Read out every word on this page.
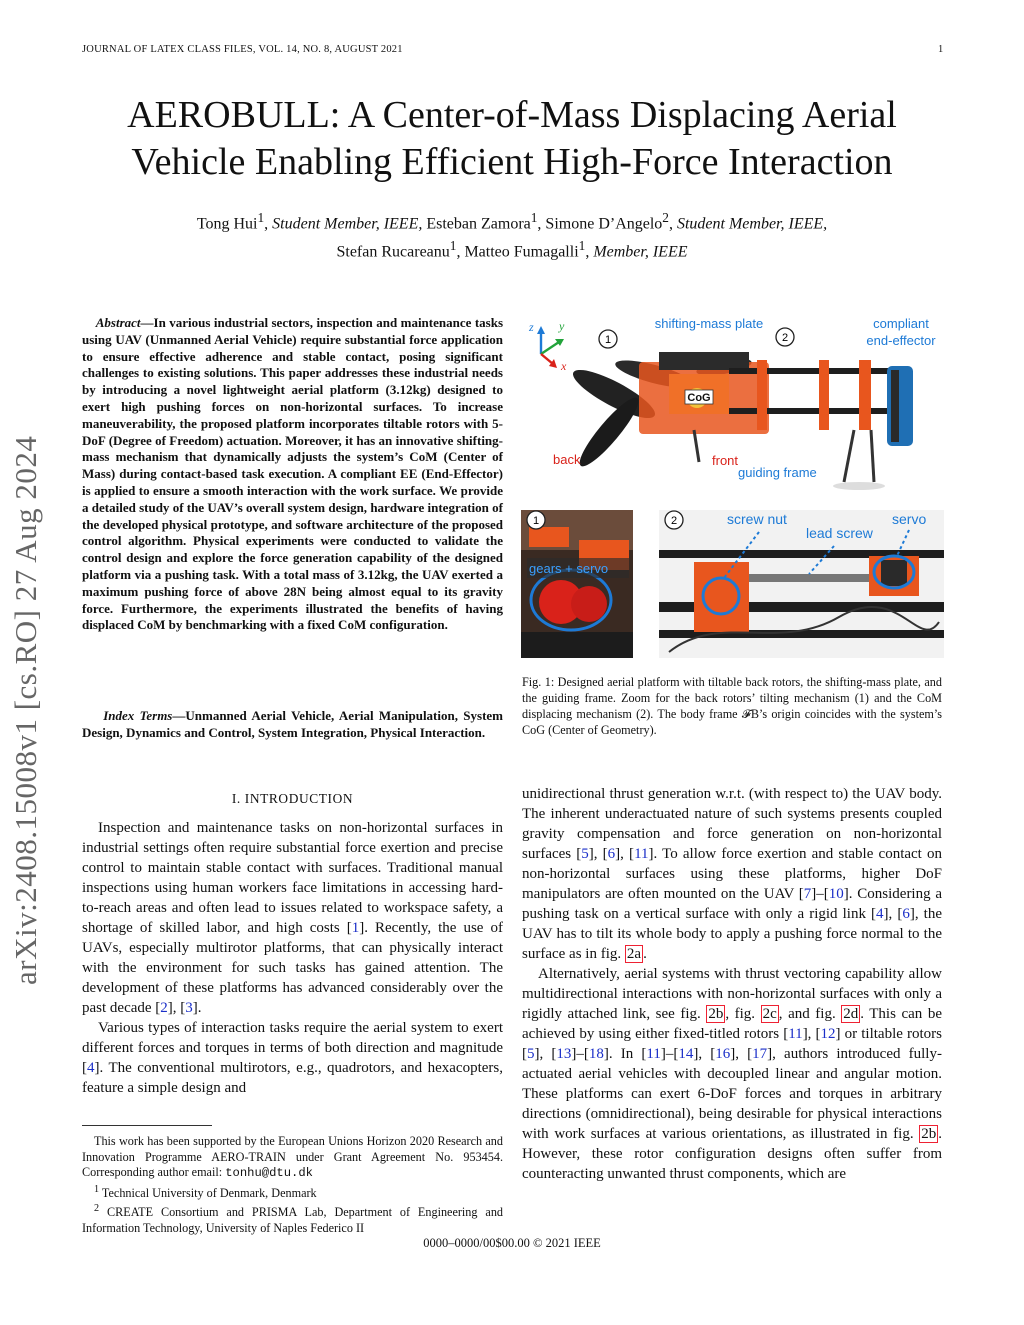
JOURNAL OF LATEX CLASS FILES, VOL. 14, NO. 8, AUGUST 2021	1
arXiv:2408.15008v1 [cs.RO] 27 Aug 2024
AEROBULL: A Center-of-Mass Displacing Aerial
Vehicle Enabling Efficient High-Force Interaction
Tong Hui$^1$, Student Member, IEEE, Esteban Zamora$^1$, Simone D’Angelo$^2$, Student Member, IEEE,
Stefan Rucareanu$^1$, Matteo Fumagalli$^1$, Member, IEEE
Abstract—In various industrial sectors, inspection and maintenance tasks using UAV (Unmanned Aerial Vehicle) require substantial force application to ensure effective adherence and stable contact, posing significant challenges to existing solutions. This paper addresses these industrial needs by introducing a novel lightweight aerial platform (3.12kg) designed to exert high pushing forces on non-horizontal surfaces. To increase maneuverability, the proposed platform incorporates tiltable rotors with 5-DoF (Degree of Freedom) actuation. Moreover, it has an innovative shifting-mass mechanism that dynamically adjusts the system’s CoM (Center of Mass) during contact-based task execution. A compliant EE (End-Effector) is applied to ensure a smooth interaction with the work surface. We provide a detailed study of the UAV’s overall system design, hardware integration of the developed physical prototype, and software architecture of the proposed control algorithm. Physical experiments were conducted to validate the control design and explore the force generation capability of the designed platform via a pushing task. With a total mass of 3.12kg, the UAV exerted a maximum pushing force of above 28N being almost equal to its gravity force. Furthermore, the experiments illustrated the benefits of having displaced CoM by benchmarking with a fixed CoM configuration.
Index Terms—Unmanned Aerial Vehicle, Aerial Manipulation, System Design, Dynamics and Control, System Integration, Physical Interaction.
I. INTRODUCTION

Inspection and maintenance tasks on non-horizontal surfaces in industrial settings often require substantial force exertion and precise control to maintain stable contact with surfaces. Traditional manual inspections using human workers face limitations in accessing hard-to-reach areas and often lead to issues related to workspace safety, a shortage of skilled labor, and high costs [1]. Recently, the use of UAVs, especially multirotor platforms, that can physically interact with the environment for such tasks has gained attention. The development of these platforms has advanced considerably over the past decade [2], [3].

Various types of interaction tasks require the aerial system to exert different forces and torques in terms of both direction and magnitude [4]. The conventional multirotors, e.g., quadrotors, and hexacopters, feature a simple design and

This work has been supported by the European Unions Horizon 2020 Research and Innovation Programme AERO-TRAIN under Grant Agreement No. 953454. Corresponding author email: tonhu@dtu.dk

$^1$ Technical University of Denmark, Denmark

$^2$ CREATE Consortium and PRISMA Lab, Department of Engineering and Information Technology, University of Naples Federico II

z y
x
CoG
shifting-mass plate	compliant
end-effector
back	front
guiding frame
1	2
gears + servo
1	screw nut
lead screw
servo
2
Fig. 1: Designed aerial platform with tiltable back rotors, the shifting-mass plate, and the guiding frame. Zoom for the back rotors’ tilting mechanism (1) and the CoM displacing mechanism (2). The body frame 𝓕B’s origin coincides with the system’s CoG (Center of Geometry).

unidirectional thrust generation w.r.t. (with respect to) the UAV body. The inherent underactuated nature of such systems presents coupled gravity compensation and force generation on non-horizontal surfaces [5], [6], [11]. To allow force exertion and stable contact on non-horizontal surfaces using these platforms, higher DoF manipulators are often mounted on the UAV [7]–[10]. Considering a pushing task on a vertical surface with only a rigid link [4], [6], the UAV has to tilt its whole body to apply a pushing force normal to the surface as in fig. 2a .

Alternatively, aerial systems with thrust vectoring capability allow multidirectional interactions with non-horizontal surfaces with only a rigidly attached link, see fig. 2b , fig. 2c , and fig. 2d . This can be achieved by using either fixed-titled rotors [11], [12] or tiltable rotors [5], [13]–[18]. In [11]–[14], [16], [17], authors introduced fully-actuated aerial vehicles with decoupled linear and angular motion. These platforms can exert 6-DoF forces and torques in arbitrary directions (omnidirectional), being desirable for physical interactions with work surfaces at various orientations, as illustrated in fig. 2b . However, these rotor configuration designs often suffer from counteracting unwanted thrust components, which are

0000–0000/00$00.00 © 2021 IEEE
